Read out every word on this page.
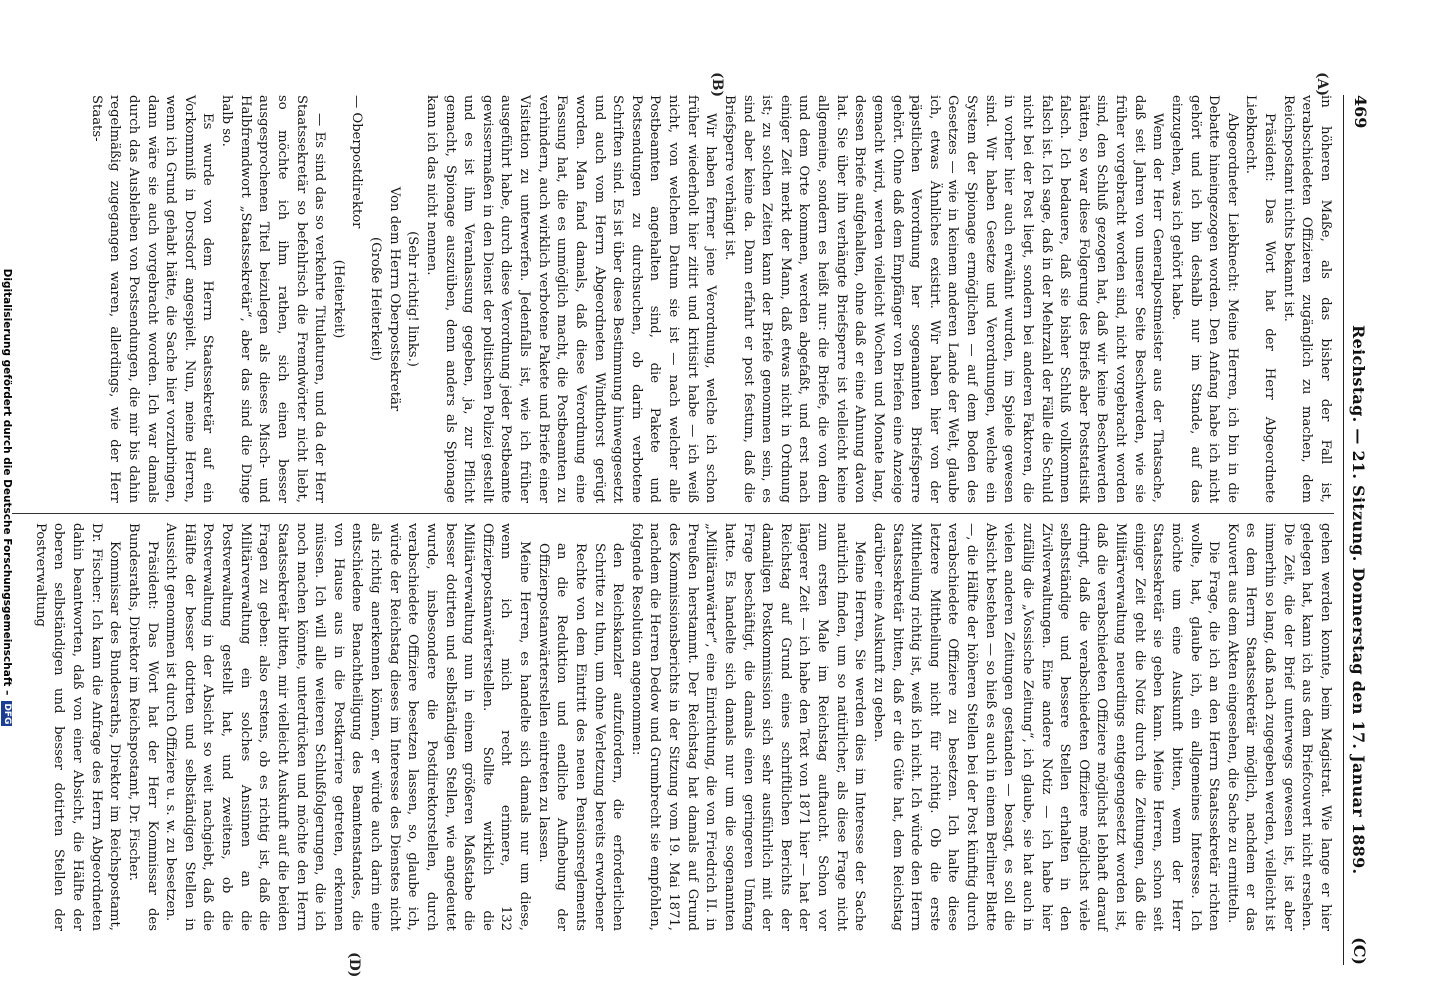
469
Reichstag. — 21. Sitzung. Donnerstag den 17. Januar 1889.
(C)
(A)
(B)
(D)

in höheren Maße, als das bisher der Fall ist, verabschiedeten Offizieren zugänglich zu machen, dem Reichspostamt nichts bekannt ist.

Präsident: Das Wort hat der Herr Abgeordnete Liebknecht.

Abgeordneter Liebknecht: Meine Herren, ich bin in die Debatte hineingezogen worden. Den Anfang habe ich nicht gehört und ich bin deshalb nur im Stande, auf das einzugehen, was ich gehört habe.

Wenn der Herr Generalpostmeister aus der Thatsache, daß seit Jahren von unserer Seite Beschwerden, wie sie früher vorgebracht worden sind, nicht vorgebracht worden sind, den Schluß gezogen hat, daß wir keine Beschwerden hätten, so war diese Folgerung des Briefs aber Poststatistik falsch. Ich bedauere, daß sie bisher Schluß vollkommen falsch ist. Ich sage, daß in der Mehrzahl der Fälle die Schuld nicht bei der Post liegt, sondern bei anderen Faktoren, die in vorher hier auch erwähnt wurden, im Spiele gewesen sind. Wir haben Gesetze und Verordnungen, welche ein System der Spionage ermöglichen — auf dem Boden des Gesetzes — wie in keinem anderen Lande der Welt, glaube ich, etwas Ähnliches existirt. Wir haben hier von der päpstlichen Verordnung her sogenannten Briefsperre gehört. Ohne daß dem Empfänger von Briefen eine Anzeige gemacht wird, werden vielleicht Wochen und Monate lang, dessen Briefe aufgehalten, ohne daß er eine Ahnung davon hat. Sie über ihn verhängte Briefsperre ist vielleicht keine allgemeine, sondern es heißt nur: die Briefe, die von dem und dem Orte kommen, werden abgefaßt, und erst nach einiger Zeit merkt der Mann, daß etwas nicht in Ordnung ist; zu solchen Zeiten kann der Briefe genommen sein, es sind aber keine da. Dann erfahrt er post festum, daß die Briefsperre verhängt ist.

Wir haben ferner jene Verordnung, welche ich schon früher wiederholt hier zitirt und kritisirt habe — ich weiß nicht, von welchem Datum sie ist — nach welcher alle Postbeamten angehalten sind, die Pakete und Postsendungen zu durchsuchen, ob darin verbotene Schriften sind. Es ist über diese Bestimmung hinweggesetzt und auch vom Herrn Abgeordneten Windthorst gerügt worden. Man fand damals, daß diese Verordnung eine Fassung hat, die es unmöglich macht, die Postbeamten zu verhindern, auch wirklich verbotene Pakete und Briefe einer Visitation zu unterwerfen. Jedenfalls ist, wie ich früher ausgeführt habe, durch diese Verordnung jeder Postbeamte gewissermaßen in den Dienst der politischen Polizei gestellt und es ist ihm Veranlassung gegeben, ja, zur Pflicht gemacht, Spionage auszuüben, denn anders als Spionage kann ich das nicht nennen.

(Sehr richtig! links.)

Von dem Herrn Oberpostsekretär

(Große Heiterkeit)

— Oberpostdirektor

(Heiterkeit)

— Es sind das so verkehrte Titulaturen, und da der Herr Staatssekretär so befehlrisch die Fremdwörter nicht liebt, so möchte ich ihm rathen, sich einen besser ausgesprochenen Titel beizulegen als dieses Misch- und Halbfremdwort „Staatssekretär“, aber das sind die Dinge halb so.

Es wurde von dem Herrn Staatssekretär auf ein Vorkommniß in Dorsdorf angespielt. Nun, meine Herren, wenn ich Grund gehabt hätte, die Sache hier vorzubringen, dann wäre sie auch vorgebracht worden. Ich war damals durch das Ausbleiben von Postsendungen, die mir bis dahin regelmäßig zugegangen waren, allerdings, wie der Herr Staats-

gehen werden konnte, beim Magistrat. Wie lange er hier gelegen hat, kann ich aus dem Briefcouvert nicht ersehen. Die Zeit, die der Brief unterwegs gewesen ist, ist aber immerhin so lang, daß nach zugegeben werden, vielleicht ist es dem Herrn Staatssekretär möglich, nachdem er das Kouvert aus dem Akten eingesehen, die Sache zu ermitteln.

Die Frage, die ich an den Herrn Staatssekretär richten wollte, hat, glaube ich, ein allgemeines Interesse. Ich möchte um eine Auskunft bitten, wenn der Herr Staatssekretär sie geben kann. Meine Herren, schon seit einiger Zeit geht die Notiz durch die Zeitungen, daß die Militärverwaltung neuerdings entgegengesetzt worden ist, daß die verabschiedeten Offiziere möglichst lebhaft darauf dringt, daß die verabschiedeten Offiziere möglichst viele selbstständige und bessere Stellen erhalten in den Zivilverwaltungen. Eine andere Notiz — ich habe hier zufällig die „Vossische Zeitung“, ich glaube, sie hat auch in vielen anderen Zeitungen gestanden — besagt, es soll die Absicht bestehen — so hieß es auch in einem Berliner Blatte —, die Hälfte der höheren Stellen bei der Post künftig durch verabschiedete Offiziere zu besetzen. Ich halte diese letztere Mittheilung nicht für richtig. Ob die erste Mittheilung richtig ist, weiß ich nicht. Ich würde den Herrn Staatssekretär bitten, daß er die Güte hat, dem Reichstag darüber eine Auskunft zu geben.

Meine Herren, Sie werden dies im Interesse der Sache natürlich finden, um so natürlicher, als diese Frage nicht zum ersten Male im Reichstag auftaucht. Schon vor längerer Zeit — ich habe den Text von 1871 hier — hat der Reichstag auf Grund eines schriftlichen Berichts der damaligen Postkommission sich sehr ausführlich mit der Frage beschäftigt, die damals einen geringeren Umfang hatte. Es handelte sich damals nur um die sogenannten „Militäranwärter“, eine Einrichtung, die von Friedrich II. in Preußen herstammt. Der Reichstag hat damals auf Grund des Kommissionsberichts in der Sitzung vom 19. Mai 1871, nachdem die Herren Dedow und Grumbrecht sie empfohlen, folgende Resolution angenommen:

den Reichskanzler aufzufordern, die erforderlichen Schritte zu thun, um ohne Verletzung bereits erworbener Rechte von dem Eintritt des neuen Pensionsreglements an die Reduktion und endliche Aufhebung der Offizierpostanwärterstellen eintreten zu lassen.

Meine Herren, es handelte sich damals nur um diese, wenn ich mich recht erinnere, 132 Offizierpostanwärterstellen. Sollte wirklich die Militärverwaltung nun in einem größeren Maßstabe die besser dotirten und selbständigen Stellen, wie angedeutet wurde, insbesondere die Postdirektorstellen, durch verabschiedete Offiziere besetzen lassen, so, glaube ich, würde der Reichstag dieses im Interesse des Dienstes nicht als richtig anerkennen können, er würde auch darin eine entschiedene Benachtheiligung des Beamtenstandes, die von Hause aus in die Postkarriere getreten, erkennen müssen. Ich will alle weiteren Schlußfolgerungen, die ich noch machen könnte, unterdrücken und möchte den Herrn Staatssekretär bitten, mir vielleicht Auskunft auf die beiden Fragen zu geben: also erstens, ob es richtig ist, daß die Militärverwaltung ein solches Ansinnen an die Postverwaltung gestellt hat, und zweitens, ob die Postverwaltung in der Absicht so weit nachgiebt, daß die Hälfte der besser dotirten und selbständigen Stellen in Aussicht genommen ist durch Offiziere u. s. w. zu besetzen.

Präsident: Das Wort hat der Herr Kommissar des Bundesraths, Direktor im Reichspostamt, Dr. Fischer.

Kommissar des Bundesraths, Direktor im Reichspostamt, Dr. Fischer: Ich kann die Anfrage des Herrn Abgeordneten dahin beantworten, daß von einer Absicht, die Hälfte der oberen selbständigen und besser dotirten Stellen der Postverwaltung

Digitalisierung gefördert durch die Deutsche Forschungsgemeinschaft –
DFG
